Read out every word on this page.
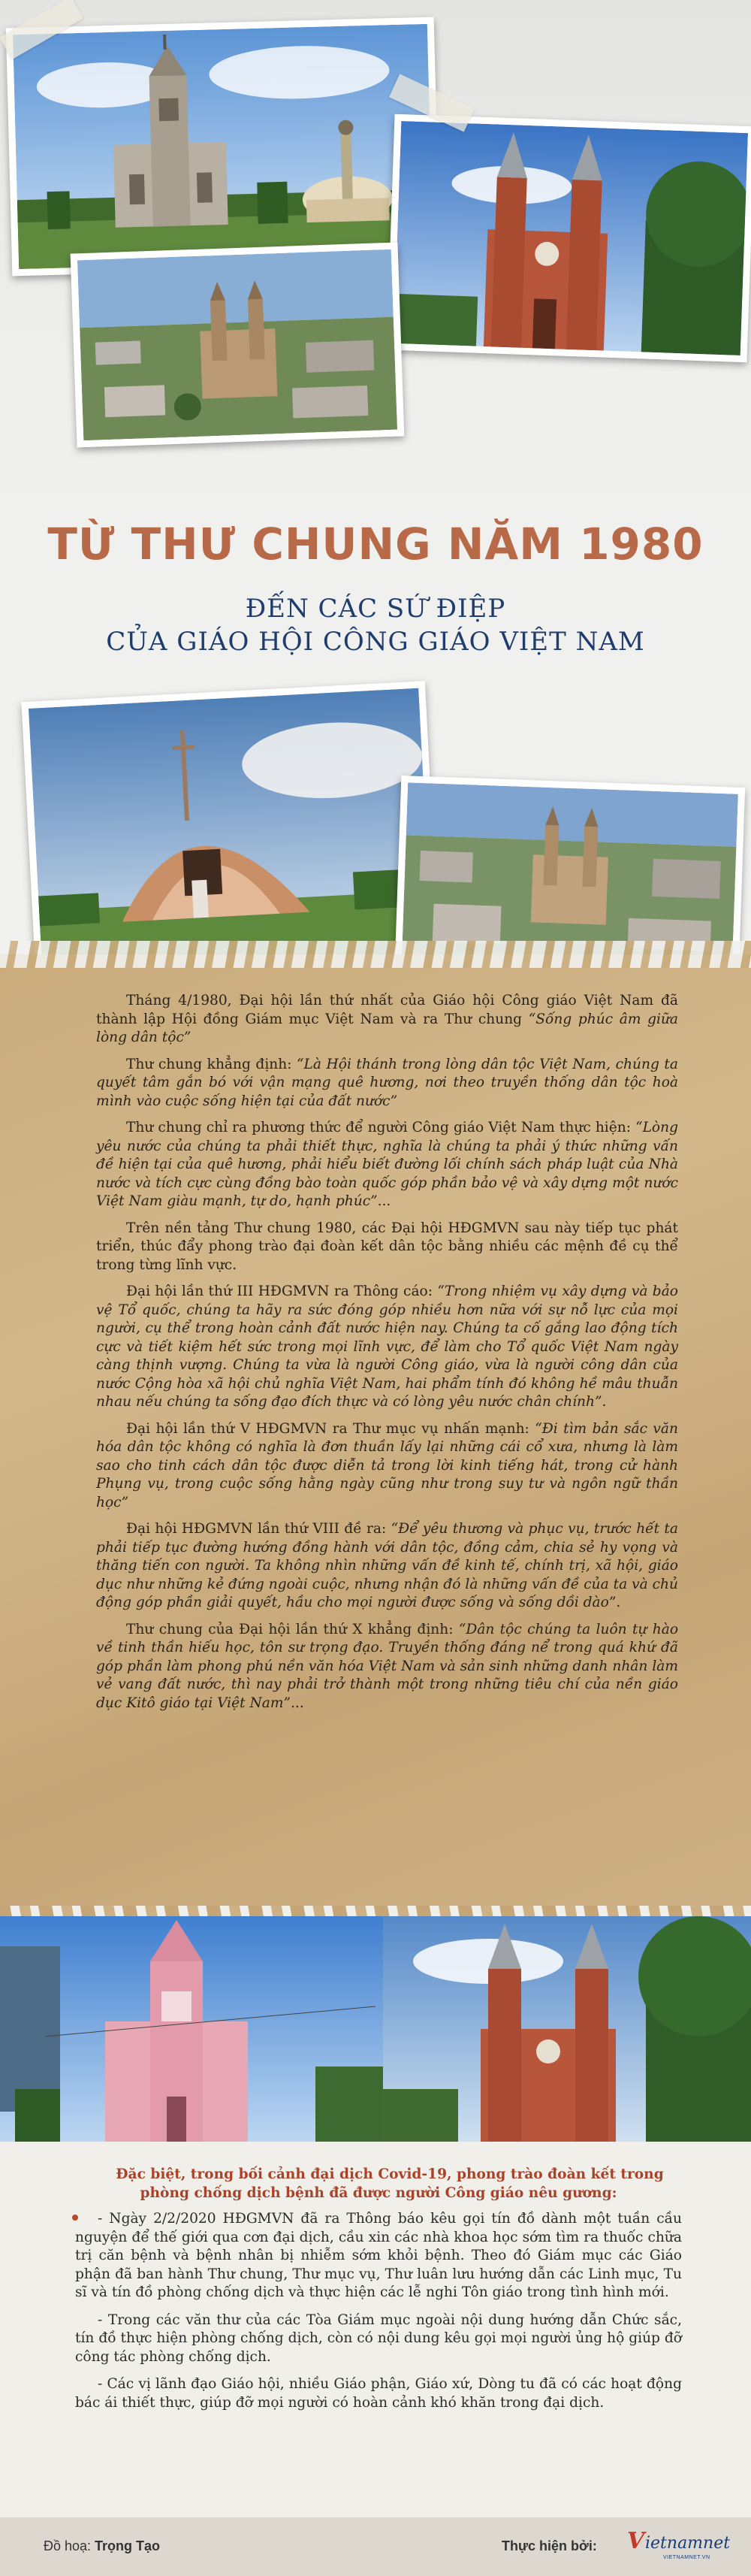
TỪ THƯ CHUNG NĂM 1980
ĐẾN CÁC SỨ ĐIỆP
CỦA GIÁO HỘI CÔNG GIÁO VIỆT NAM

Tháng 4/1980, Đại hội lần thứ nhất của Giáo hội Công giáo Việt Nam đã thành lập Hội đồng Giám mục Việt Nam và ra Thư chung “Sống phúc âm giữa lòng dân tộc”

Thư chung khẳng định: “Là Hội thánh trong lòng dân tộc Việt Nam, chúng ta quyết tâm gắn bó với vận mạng quê hương, nơi theo truyền thống dân tộc hoà mình vào cuộc sống hiện tại của đất nước”

Thư chung chỉ ra phương thức để người Công giáo Việt Nam thực hiện: “Lòng yêu nước của chúng ta phải thiết thực, nghĩa là chúng ta phải ý thức những vấn đề hiện tại của quê hương, phải hiểu biết đường lối chính sách pháp luật của Nhà nước và tích cực cùng đồng bào toàn quốc góp phần bảo vệ và xây dựng một nước Việt Nam giàu mạnh, tự do, hạnh phúc”...

Trên nền tảng Thư chung 1980, các Đại hội HĐGMVN sau này tiếp tục phát triển, thúc đẩy phong trào đại đoàn kết dân tộc bằng nhiều các mệnh đề cụ thể trong từng lĩnh vực.

Đại hội lần thứ III HĐGMVN ra Thông cáo: “Trong nhiệm vụ xây dựng và bảo vệ Tổ quốc, chúng ta hãy ra sức đóng góp nhiều hơn nữa với sự nỗ lực của mọi người, cụ thể trong hoàn cảnh đất nước hiện nay. Chúng ta cố gắng lao động tích cực và tiết kiệm hết sức trong mọi lĩnh vực, để làm cho Tổ quốc Việt Nam ngày càng thịnh vượng. Chúng ta vừa là người Công giáo, vừa là người công dân của nước Cộng hòa xã hội chủ nghĩa Việt Nam, hai phẩm tính đó không hề mâu thuẫn nhau nếu chúng ta sống đạo đích thực và có lòng yêu nước chân chính”.

Đại hội lần thứ V HĐGMVN ra Thư mục vụ nhấn mạnh: “Đi tìm bản sắc văn hóa dân tộc không có nghĩa là đơn thuần lấy lại những cái cổ xưa, nhưng là làm sao cho tinh cách dân tộc được diễn tả trong lời kinh tiếng hát, trong cử hành Phụng vụ, trong cuộc sống hằng ngày cũng như trong suy tư và ngôn ngữ thần học”

Đại hội HĐGMVN lần thứ VIII đề ra: “Để yêu thương và phục vụ, trước hết ta phải tiếp tục đường hướng đồng hành với dân tộc, đồng cảm, chia sẻ hy vọng và thăng tiến con người. Ta không nhìn những vấn đề kinh tế, chính trị, xã hội, giáo dục như những kẻ đứng ngoài cuộc, nhưng nhận đó là những vấn đề của ta và chủ động góp phần giải quyết, hầu cho mọi người được sống và sống dồi dào”.

Thư chung của Đại hội lần thứ X khẳng định: “Dân tộc chúng ta luôn tự hào về tinh thần hiếu học, tôn sư trọng đạo. Truyền thống đáng nể trong quá khứ đã góp phần làm phong phú nền văn hóa Việt Nam và sản sinh những danh nhân làm vẻ vang đất nước, thì nay phải trở thành một trong những tiêu chí của nền giáo dục Kitô giáo tại Việt Nam”...

Đặc biệt, trong bối cảnh đại dịch Covid-19, phong trào đoàn kết trong phòng chống dịch bệnh đã được người Công giáo nêu gương:

- Ngày 2/2/2020 HĐGMVN đã ra Thông báo kêu gọi tín đồ dành một tuần cầu nguyện để thế giới qua cơn đại dịch, cầu xin các nhà khoa học sớm tìm ra thuốc chữa trị căn bệnh và bệnh nhân bị nhiễm sớm khỏi bệnh. Theo đó Giám mục các Giáo phận đã ban hành Thư chung, Thư mục vụ, Thư luân lưu hướng dẫn các Linh mục, Tu sĩ và tín đồ phòng chống dịch và thực hiện các lễ nghi Tôn giáo trong tình hình mới.

- Trong các văn thư của các Tòa Giám mục ngoài nội dung hướng dẫn Chức sắc, tín đồ thực hiện phòng chống dịch, còn có nội dung kêu gọi mọi người ủng hộ giúp đỡ công tác phòng chống dịch.

- Các vị lãnh đạo Giáo hội, nhiều Giáo phận, Giáo xứ, Dòng tu đã có các hoạt động bác ái thiết thực, giúp đỡ mọi người có hoàn cảnh khó khăn trong đại dịch.

Đồ hoạ: Trọng Tạo	Thực hiện bởi: V ietnamnet
VIETNAMNET.VN
